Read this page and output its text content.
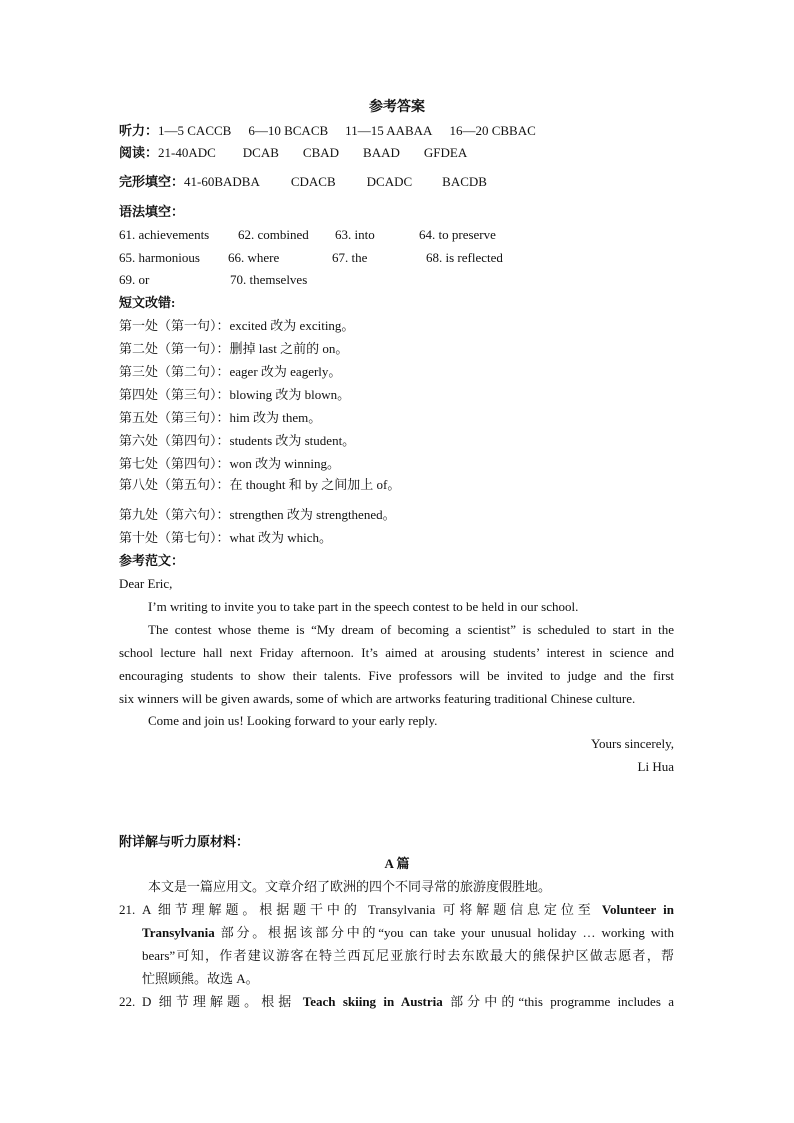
参考答案
听力：1—5 CACCB 6—10 BCACB 11—15 AABAA 16—20 CBBAC
阅读：21-40ADC DCAB CBAD BAAD GFDEA
完形填空：41-60BADBA CDACB DCADC BACDB
语法填空：
61. achievements 62. combined 63. into	64. to preserve
65. harmonious 66. where	67. the	68. is reflected
69. or	70. themselves
短文改错:
第一处（第一句）：excited 改为 exciting。
第二处（第一句）：删掉 last 之前的 on。
第三处（第二句）：eager 改为 eagerly。
第四处（第三句）：blowing 改为 blown。
第五处（第三句）：him 改为 them。
第六处（第四句）：students 改为 student。
第七处（第四句）：won 改为 winning。
第八处（第五句）：在 thought 和 by 之间加上 of。
第九处（第六句）：strengthen 改为 strengthened。
第十处（第七句）：what 改为 which。
参考范文：
Dear Eric,
I’m writing to invite you to take part in the speech contest to be held in our school.
The contest whose theme is “My dream of becoming a scientist” is scheduled to start in the
school lecture hall next Friday afternoon. It’s aimed at arousing students’ interest in science and
encouraging students to show their talents. Five professors will be invited to judge and the first
six winners will be given awards, some of which are artworks featuring traditional Chinese culture.
Come and join us! Looking forward to your early reply.
Yours sincerely,
Li Hua
附详解与听力原材料：
A 篇
本文是一篇应用文。文章介绍了欧洲的四个不同寻常的旅游度假胜地。
21. A 细节理解题。根据题干中的 Transylvania 可将解题信息定位至 Volunteer in
Transylvania 部分。根据该部分中的“you can take your unusual holiday … working with
bears”可知，作者建议游客在特兰西瓦尼亚旅行时去东欧最大的熊保护区做志愿者，帮
忙照顾熊。故选 A。
22. D 细节理解题。根据 Teach skiing in Austria 部分中的“this programme includes a
